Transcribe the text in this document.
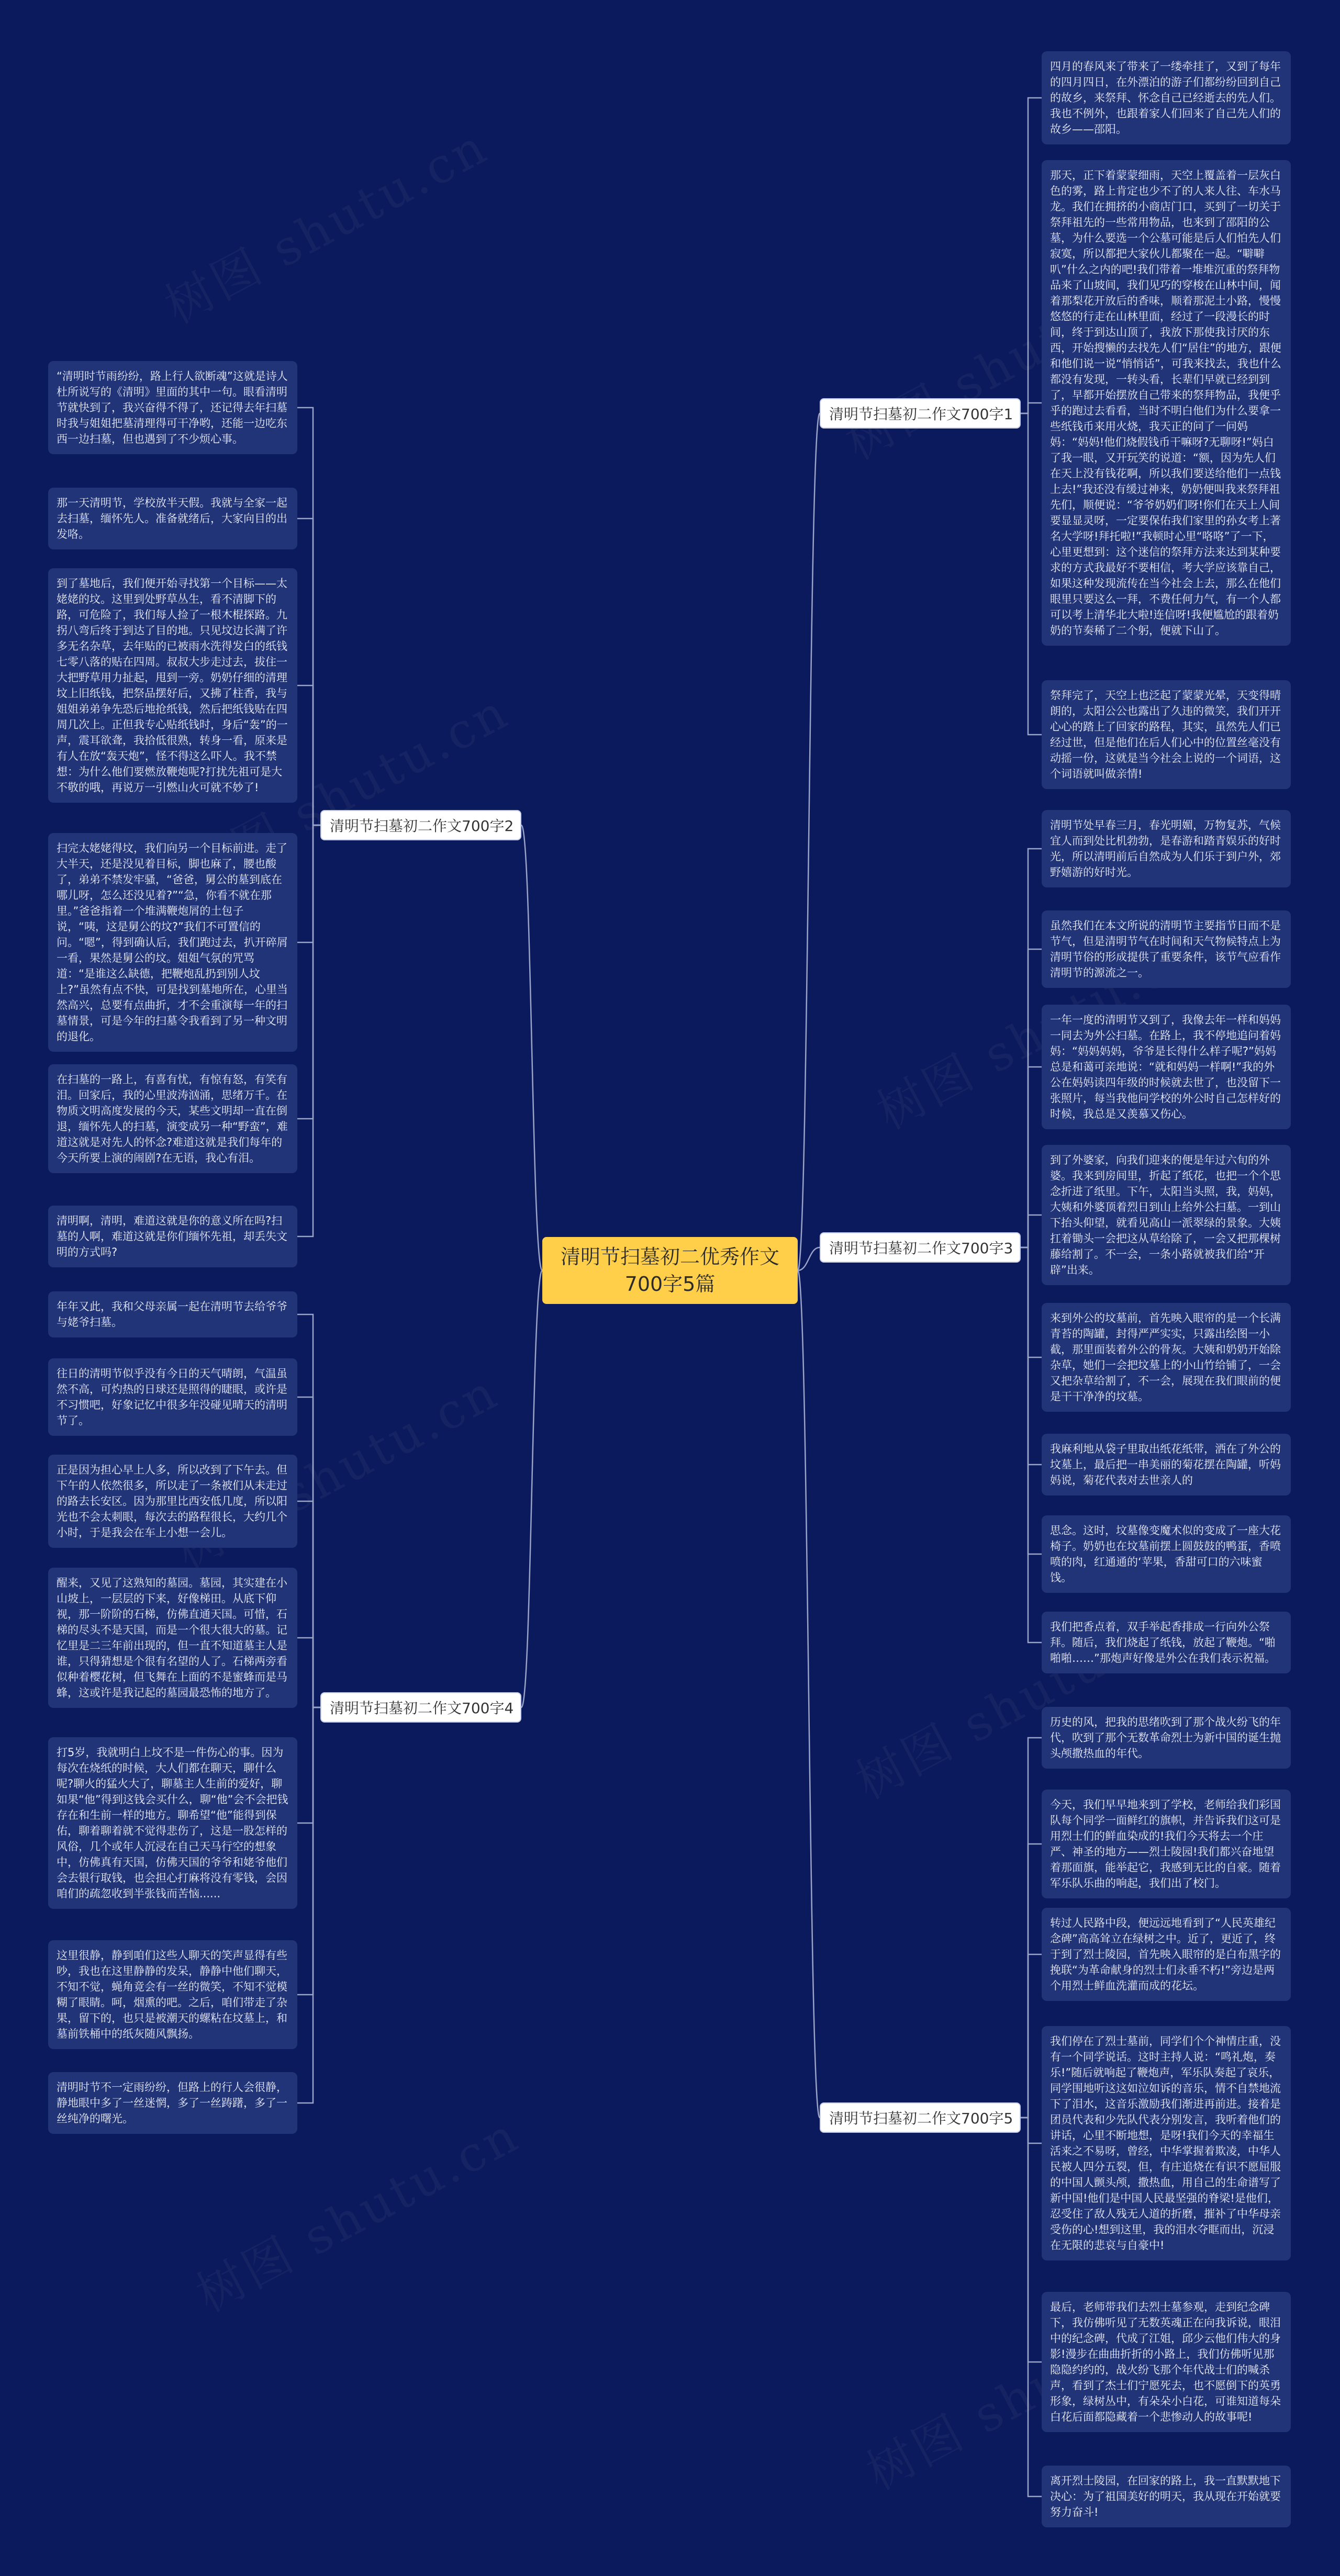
清明节扫墓初二优秀作文700字5篇
清明节扫墓初二作文700字1
四月的春风来了带来了一缕牵挂了，又到了每年的四月四日，在外漂泊的游子们都纷纷回到自己的故乡，来祭拜、怀念自己已经逝去的先人们。我也不例外，也跟着家人们回来了自己先人们的故乡——邵阳。
那天，正下着蒙蒙细雨，天空上覆盖着一层灰白色的雾，路上肯定也少不了的人来人往、车水马龙。我们在拥挤的小商店门口，买到了一切关于祭拜祖先的一些常用物品，也来到了邵阳的公墓，为什么要选一个公墓可能是后人们怕先人们寂寞，所以都把大家伙儿都聚在一起。“噼噼叭”什么之内的吧!我们带着一堆堆沉重的祭拜物品来了山坡间，我们见巧的穿梭在山林中间，闻着那梨花开放后的香味，顺着那泥土小路，慢慢悠悠的行走在山林里面，经过了一段漫长的时间，终于到达山顶了，我放下那使我讨厌的东西，开始搜懒的去找先人们“居住”的地方，跟便和他们说一说“悄悄话”，可我来找去，我也什么都没有发现，一转头看，长辈们早就已经到到了，早都开始摆放自己带来的祭拜物品，我便乎乎的跑过去看看，当时不明白他们为什么要拿一些纸钱币来用火烧，我天正的问了一问妈妈：“妈妈!他们烧假钱币干嘛呀?无聊呀!”妈白了我一眼，又开玩笑的说道：“额，因为先人们在天上没有钱花啊，所以我们要送给他们一点钱上去!”我还没有缓过神来，奶奶便叫我来祭拜祖先们，顺便说：“爷爷奶奶们呀!你们在天上人间要显显灵呀，一定要保佑我们家里的孙女考上著名大学呀!拜托啦!”我顿时心里“咯咯”了一下，心里更想到：这个迷信的祭拜方法来达到某种要求的方式我最好不要相信，考大学应该靠自己，如果这种发现流传在当今社会上去，那么在他们眼里只要这么一拜，不费任何力气，有一个人都可以考上清华北大啦!连信呀!我便尴尬的跟着奶奶的节奏稀了二个躬，便就下山了。
祭拜完了，天空上也泛起了蒙蒙光晕，天变得晴朗的，太阳公公也露出了久违的微笑，我们开开心心的踏上了回家的路程，其实，虽然先人们已经过世，但是他们在后人们心中的位置丝毫没有动摇一份，这就是当今社会上说的一个词语，这个词语就叫做亲情!
清明节扫墓初二作文700字2
“清明时节雨纷纷，路上行人欲断魂”这就是诗人杜所说写的《清明》里面的其中一句。眼看清明节就快到了，我兴奋得不得了，还记得去年扫墓时我与姐姐把墓清理得可干净哟，还能一边吃东西一边扫墓，但也遇到了不少烦心事。
那一天清明节，学校放半天假。我就与全家一起去扫墓，缅怀先人。准备就绪后，大家向目的出发咯。
到了墓地后，我们便开始寻找第一个目标——太姥姥的坟。这里到处野草丛生，看不清脚下的路，可危险了，我们每人捡了一根木棍探路。九拐八弯后终于到达了目的地。只见坟边长满了许多无名杂草，去年贴的已被雨水洗得发白的纸钱七零八落的贴在四周。叔叔大步走过去，拔住一大把野草用力扯起，甩到一旁。奶奶仔细的清理坟上旧纸钱，把祭品摆好后，又拂了柱香，我与姐姐弟弟争先恐后地抢纸钱，然后把纸钱贴在四周几次上。正但我专心贴纸钱时，身后“轰”的一声，震耳欲聋，我拾低很熟，转身一看，原来是有人在放“轰天炮”，怪不得这么吓人。我不禁想：为什么他们要燃放鞭炮呢?打扰先祖可是大不敬的哦，再说万一引燃山火可就不妙了!
扫完太姥姥得坟，我们向另一个目标前进。走了大半天，还是没见着目标，脚也麻了，腰也酸了，弟弟不禁发牢骚，“爸爸，舅公的墓到底在哪儿呀，怎么还没见着?”“急，你看不就在那里。”爸爸指着一个堆满鞭炮屑的土包子说，“咦，这是舅公的坟?”我们不可置信的问。“嗯”，得到确认后，我们跑过去，扒开碎屑一看，果然是舅公的坟。姐姐气氛的咒骂道：“是谁这么缺德，把鞭炮乱扔到别人坟上?”虽然有点不快，可是找到墓地所在，心里当然高兴，总要有点曲折，才不会重演每一年的扫墓情景，可是今年的扫墓令我看到了另一种文明的退化。
在扫墓的一路上，有喜有忧，有惊有怒，有笑有泪。回家后，我的心里波涛汹涌，思绪万千。在物质文明高度发展的今天，某些文明却一直在倒退，缅怀先人的扫墓，演变成另一种“野蛮”，难道这就是对先人的怀念?难道这就是我们每年的今天所要上演的闹剧?在无语，我心有泪。
清明啊，清明，难道这就是你的意义所在吗?扫墓的人啊，难道这就是你们缅怀先祖，却丢失文明的方式吗?	清明节扫墓初二作文700字3
清明节处早春三月，春光明媚，万物复苏，气候宜人而到处比机勃勃，是春游和踏青娱乐的好时光，所以清明前后自然成为人们乐于到户外，郊野嬉游的好时光。
虽然我们在本文所说的清明节主要指节日而不是节气，但是清明节气在时间和天气物候特点上为清明节俗的形成提供了重要条件，该节气应看作清明节的源流之一。
一年一度的清明节又到了，我像去年一样和妈妈一同去为外公扫墓。在路上，我不停地追问着妈妈：“妈妈妈妈，爷爷是长得什么样子呢?”妈妈总是和蔼可亲地说：“就和妈妈一样啊!”我的外公在妈妈读四年级的时候就去世了，也没留下一张照片，每当我他问学校的外公时自己怎样好的时候，我总是又羡慕又伤心。
到了外婆家，向我们迎来的便是年过六旬的外婆。我来到房间里，折起了纸花，也把一个个思念折进了纸里。下午，太阳当头照，我，妈妈，大姨和外婆顶着烈日到山上给外公扫墓。一到山下抬头仰望，就看见高山一派翠绿的景象。大姨扛着锄头一会把这从草给除了，一会又把那棵树藤给割了。不一会，一条小路就被我们给“开辟”出来。
来到外公的坟墓前，首先映入眼帘的是一个长满青苔的陶罐，封得严严实实，只露出绘图一小截，那里面装着外公的骨灰。大姨和奶奶开始除杂草，她们一会把坟墓上的小山竹给铺了，一会又把杂草给割了，不一会，展现在我们眼前的便是干干净净的坟墓。
我麻利地从袋子里取出纸花纸带，洒在了外公的坟墓上，最后把一串美丽的菊花摆在陶罐，听妈妈说，菊花代表对去世亲人的
思念。这时，坟墓像变魔术似的变成了一座大花椅子。奶奶也在坟墓前摆上圆鼓鼓的鸭蛋，香喷喷的肉，红通通的‘苹果，香甜可口的六味蜜饯。
我们把香点着，双手举起香排成一行向外公祭拜。随后，我们烧起了纸钱，放起了鞭炮。“啪啪啪……”那炮声好像是外公在我们表示祝福。
清明节扫墓初二作文700字4
年年又此，我和父母亲属一起在清明节去给爷爷与姥爷扫墓。
往日的清明节似乎没有今日的天气晴朗，气温虽然不高，可灼热的日球还是照得的睫眼，或许是不习惯吧，好象记忆中很多年没碰见晴天的清明节了。
正是因为担心早上人多，所以改到了下午去。但下午的人依然很多，所以走了一条被们从未走过的路去长安区。因为那里比西安低几度，所以阳光也不会太刺眼，每次去的路程很长，大约几个小时，于是我会在车上小想一会儿。
醒来，又见了这熟知的墓园。墓园，其实建在小山坡上，一层层的下来，好像梯田。从底下仰视，那一阶阶的石梯，仿佛直通天国。可惜，石梯的尽头不是天国，而是一个很大很大的墓。记忆里是二三年前出现的，但一直不知道墓主人是谁，只得猜想是个很有名望的人了。石梯两旁看似种着樱花树，但飞舞在上面的不是蜜蜂而是马蜂，这或许是我记起的墓园最恐怖的地方了。
打5岁，我就明白上坟不是一件伤心的事。因为每次在烧纸的时候，大人们都在聊天，聊什么呢?聊火的猛火大了，聊墓主人生前的爱好，聊如果“他”得到这钱会买什么，聊“他”会不会把钱存在和生前一样的地方。聊希望“他”能得到保佑，聊着聊着就不觉得悲伤了，这是一股怎样的风俗，几个或年人沉浸在自己天马行空的想象中，仿佛真有天国，仿佛天国的爷爷和姥爷他们会去银行取钱，也会担心打麻将没有零钱，会因咱们的疏忽收到半张钱而苦恼......
这里很静，静到咱们这些人聊天的笑声显得有些吵，我也在这里静静的发呆，静静中他们聊天，不知不觉，蝇角竟会有一丝的微笑，不知不觉模糊了眼睛。呵，烟熏的吧。之后，咱们带走了杂果，留下的，也只是被潮天的螺粘在坟墓上，和墓前铁桶中的纸灰随风飘扬。
清明时节不一定雨纷纷，但路上的行人会很静，静地眼中多了一丝迷惘，多了一丝踌躇，多了一丝纯净的曙光。	清明节扫墓初二作文700字5
历史的风，把我的思绪吹到了那个战火纷飞的年代，吹到了那个无数革命烈士为新中国的诞生抛头颅撒热血的年代。
今天，我们早早地来到了学校，老师给我们彩国队每个同学一面鲜红的旗帜，并告诉我们这可是用烈士们的鲜血染成的!我们今天将去一个庄严、神圣的地方——烈士陵园!我们都兴奋地望着那面旗，能举起它，我感到无比的自豪。随着军乐队乐曲的响起，我们出了校门。
转过人民路中段，便远远地看到了“人民英雄纪念碑”高高耸立在绿树之中。近了，更近了，终于到了烈士陵园，首先映入眼帘的是白布黑字的挽联“为革命献身的烈士们永垂不朽!”旁边是两个用烈士鲜血洗灌而成的花坛。
我们停在了烈士墓前，同学们个个神情庄重，没有一个同学说话。这时主持人说：“鸣礼炮，奏乐!”随后就响起了鞭炮声，军乐队奏起了哀乐，同学围地听这这如泣如诉的音乐，情不自禁地流下了泪水，这音乐激励我们渐进再前进。接着是团员代表和少先队代表分别发言，我听着他们的讲话，心里不断地想，是呀!我们今天的幸福生活来之不易呀，曾经，中华掌握着欺凌，中华人民被人四分五裂，但，有庄追烧在有识不愿屈服的中国人颤头颅，撒热血，用自己的生命谱写了新中国!他们是中国人民最坚强的脊梁!是他们，忍受住了敌人残无人道的折磨，摧补了中华母亲受伤的心!想到这里，我的泪水夺眶而出，沉浸在无限的悲哀与自豪中!
最后，老师带我们去烈士墓参观，走到纪念碑下，我仿佛听见了无数英魂正在向我诉说，眼泪中的纪念碑，代成了江姐，邱少云他们伟大的身影!漫步在曲曲折折的小路上，我们仿佛听见那隐隐约约的，战火纷飞那个年代战士们的喊杀声，看到了杰士们宁愿死去，也不愿倒下的英勇形象，绿树丛中，有朵朵小白花，可谁知道每朵白花后面都隐藏着一个悲惨动人的故事呢!
离开烈士陵园，在回家的路上，我一直默默地下决心：为了祖国美好的明天，我从现在开始就要努力奋斗!
